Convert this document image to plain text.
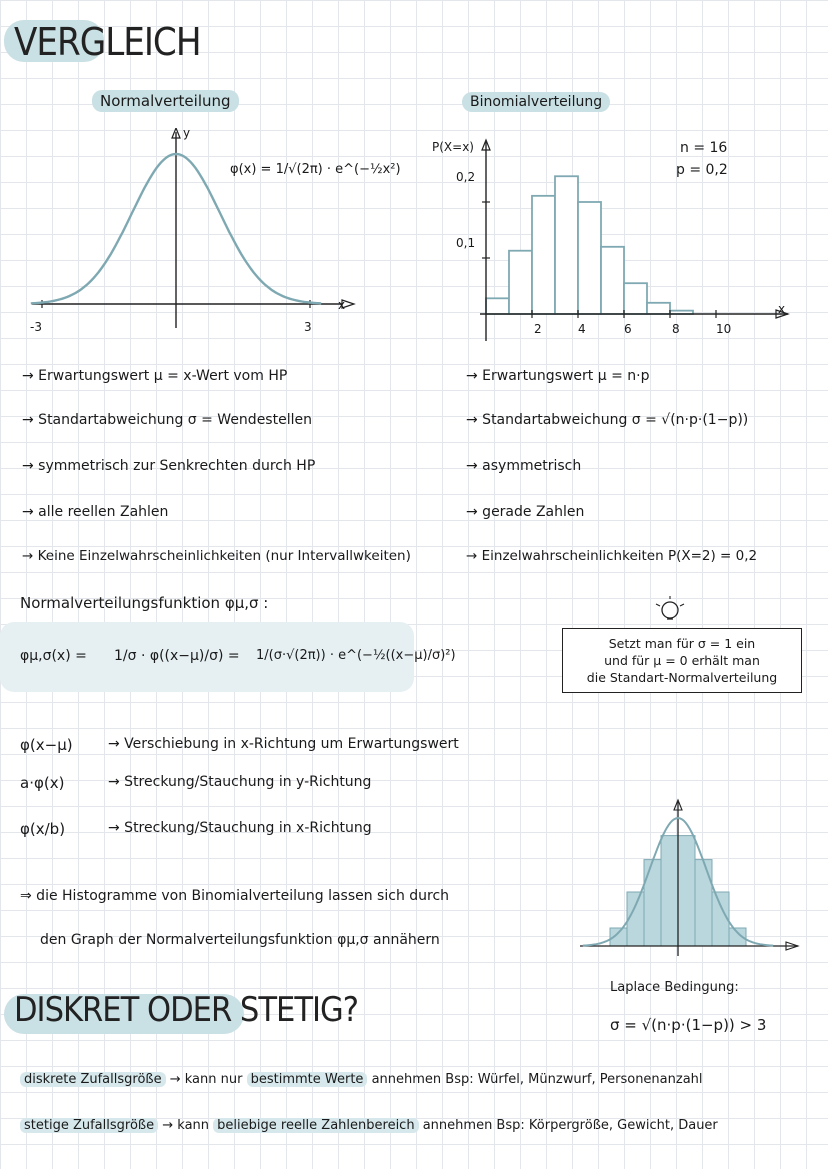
VERGLEICH
Normalverteilung
y
x
-3	3
φ(x) = 1/√(2π) · e^(−½x²)
Binomialverteilung
P(X=x)
x
0,2
0,1
2	4	6	8	10
n = 16
p = 0,2
→ Erwartungswert μ = x-Wert vom HP
→ Standartabweichung σ = Wendestellen
→ symmetrisch zur Senkrechten durch HP
→ alle reellen Zahlen
→ Keine Einzelwahrscheinlichkeiten (nur Intervallwkeiten)
→ Erwartungswert μ = n·p
→ Standartabweichung σ = √(n·p·(1−p))
→ asymmetrisch
→ gerade Zahlen
→ Einzelwahrscheinlichkeiten P(X=2) = 0,2
Normalverteilungsfunktion φμ,σ :
φμ,σ(x) = 1/σ · φ((x−μ)/σ) = 1/(σ·√(2π)) · e^(−½((x−μ)/σ)²)
Setzt man für σ = 1 ein
und für μ = 0 erhält man
die Standart-Normalverteilung
φ(x−μ)	→ Verschiebung in x-Richtung um Erwartungswert
a·φ(x)	→ Streckung/Stauchung in y-Richtung
φ(x/b)	→ Streckung/Stauchung in x-Richtung
⇒ die Histogramme von Binomialverteilung lassen sich durch
den Graph der Normalverteilungsfunktion φμ,σ annähern
Laplace Bedingung:
σ = √(n·p·(1−p)) > 3
DISKRET ODER STETIG?
diskrete Zufallsgröße → kann nur bestimmte Werte annehmen Bsp: Würfel, Münzwurf, Personenanzahl
stetige Zufallsgröße → kann beliebige reelle Zahlenbereich annehmen Bsp: Körpergröße, Gewicht, Dauer
